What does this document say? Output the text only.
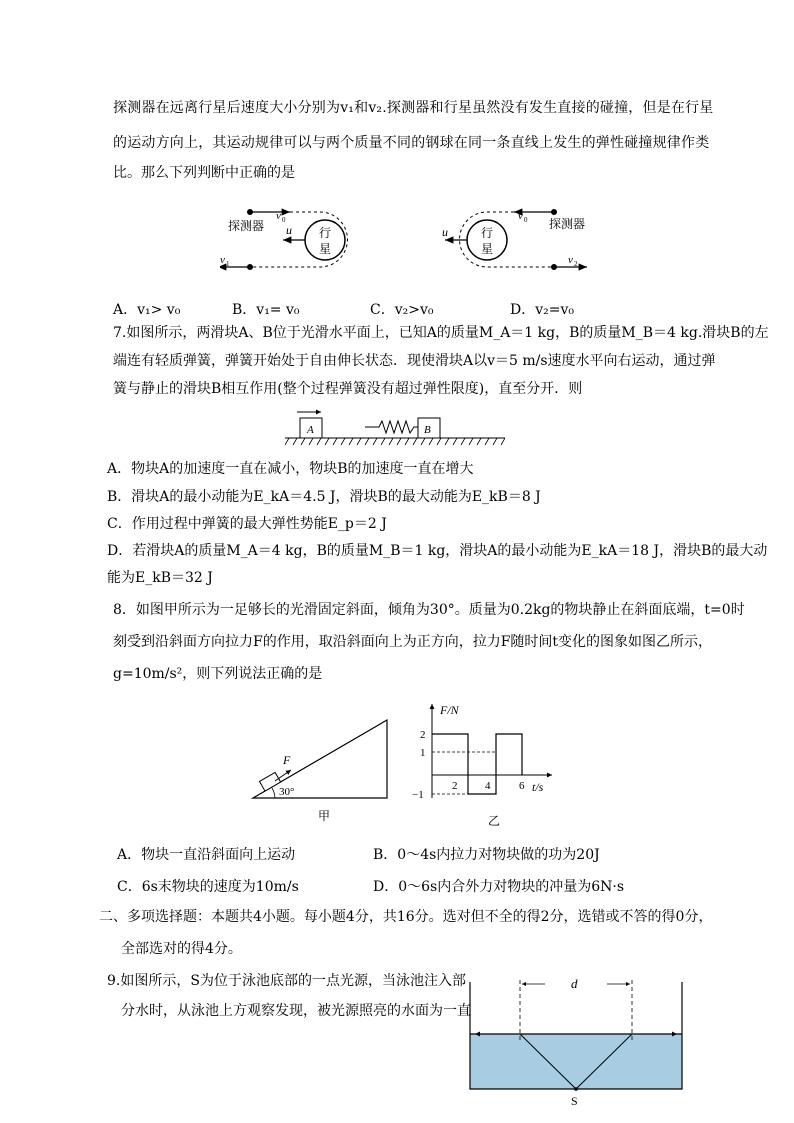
探测器在远离行星后速度大小分别为v₁和v₂.探测器和行星虽然没有发生直接的碰撞，但是在行星
的运动方向上，其运动规律可以与两个质量不同的钢球在同一条直线上发生的弹性碰撞规律作类
比。那么下列判断中正确的是
探测器
v 0
u 行
星
v 1
探测器
v 0
u	行
星
v 2
A．v₁> v₀	B．v₁= v₀	C．v₂>v₀	D．v₂=v₀
7.如图所示，两滑块A、B位于光滑水平面上，已知A的质量M_A＝1 kg，B的质量M_B＝4 kg.滑块B的左
端连有轻质弹簧，弹簧开始处于自由伸长状态．现使滑块A以v＝5 m/s速度水平向右运动，通过弹
簧与静止的滑块B相互作用(整个过程弹簧没有超过弹性限度)，直至分开．则
A	B
A．物块A的加速度一直在减小，物块B的加速度一直在增大
B．滑块A的最小动能为E_kA＝4.5 J，滑块B的最大动能为E_kB＝8 J
C．作用过程中弹簧的最大弹性势能E_p＝2 J
D．若滑块A的质量M_A＝4 kg，B的质量M_B＝1 kg，滑块A的最小动能为E_kA＝18 J，滑块B的最大动
能为E_kB＝32 J
8．如图甲所示为一足够长的光滑固定斜面，倾角为30°。质量为0.2kg的物块静止在斜面底端，t=0时
刻受到沿斜面方向拉力F的作用，取沿斜面向上为正方向，拉力F随时间t变化的图象如图乙所示，
g=10m/s²，则下列说法正确的是
F
30°
甲
F/N
t/s
2
1
−1
2	4	6
乙
A．物块一直沿斜面向上运动	B．0～4s内拉力对物块做的功为20J
C．6s末物块的速度为10m/s	D．0～6s内合外力对物块的冲量为6N·s
二、多项选择题：本题共4小题。每小题4分，共16分。选对但不全的得2分，选错或不答的得0分，
全部选对的得4分。
9.如图所示，S为位于泳池底部的一点光源，当泳池注入部
分水时，从泳池上方观察发现，被光源照亮的水面为一直
d
S
